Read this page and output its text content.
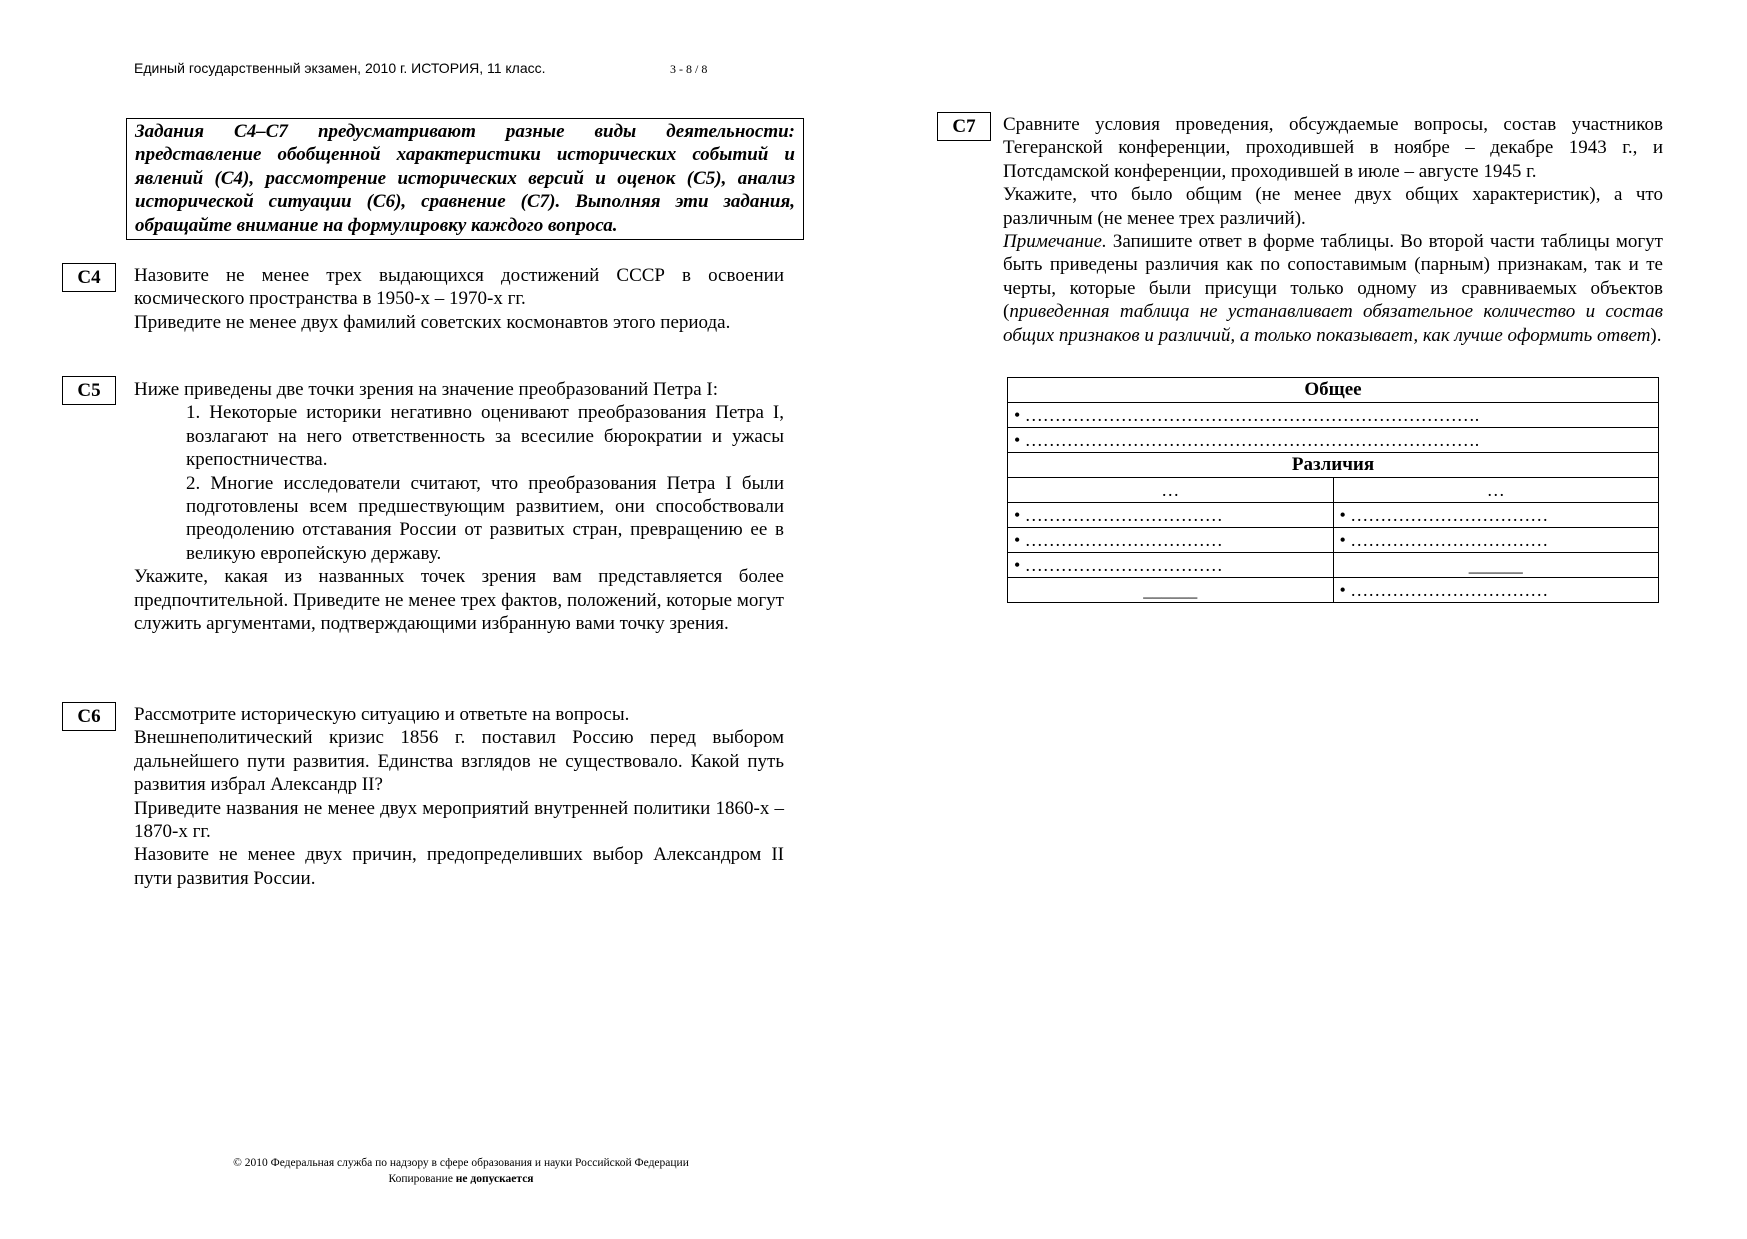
Единый государственный экзамен, 2010 г. ИСТОРИЯ, 11 класс.	3 - 8 / 8
Задания С4–С7 предусматривают разные виды деятельности: представление обобщенной характеристики исторических событий и явлений (С4), рассмотрение исторических версий и оценок (С5), анализ исторической ситуации (С6), сравнение (С7). Выполняя эти задания, обращайте внимание на формулировку каждого вопроса.
С4	Назовите не менее трех выдающихся достижений СССР в освоении космического пространства в 1950-х – 1970-х гг.

Приведите не менее двух фамилий советских космонавтов этого периода.

С5	Ниже приведены две точки зрения на значение преобразований Петра I:

1. Некоторые историки негативно оценивают преобразования Петра I, возлагают на него ответственность за всесилие бюрократии и ужасы крепостничества.

2. Многие исследователи считают, что преобразования Петра I были подготовлены всем предшествующим развитием, они способствовали преодолению отставания России от развитых стран, превращению ее в великую европейскую державу.

Укажите, какая из названных точек зрения вам представляется более предпочтительной. Приведите не менее трех фактов, положений, которые могут служить аргументами, подтверждающими избранную вами точку зрения.

С6	Рассмотрите историческую ситуацию и ответьте на вопросы.

Внешнеполитический кризис 1856 г. поставил Россию перед выбором дальнейшего пути развития. Единства взглядов не существовало. Какой путь развития избрал Александр II?

Приведите названия не менее двух мероприятий внутренней политики 1860-х – 1870-х гг.

Назовите не менее двух причин, предопределивших выбор Александром II пути развития России.

С7	Сравните условия проведения, обсуждаемые вопросы, состав участников Тегеранской конференции, проходившей в ноябре – декабре 1943 г., и Потсдамской конференции, проходившей в июле – августе 1945 г.

Укажите, что было общим (не менее двух общих характеристик), а что различным (не менее трех различий).

Примечание. Запишите ответ в форме таблицы. Во второй части таблицы могут быть приведены различия как по сопоставимым (парным) признакам, так и те черты, которые были присущи только одному из сравниваемых объектов (приведенная таблица не устанавливает обязательное количество и состав общих признаков и различий, а только показывает, как лучше оформить ответ).

Общее	
• ………………………………………………………………….	
• ………………………………………………………………….	
Различия	
…	…
• ……………………………	• ……………………………
• ……………………………	• ……………………………
• ……………………………	______
______	• ……………………………
© 2010 Федеральная служба по надзору в сфере образования и науки Российской Федерации
Копирование не допускается
